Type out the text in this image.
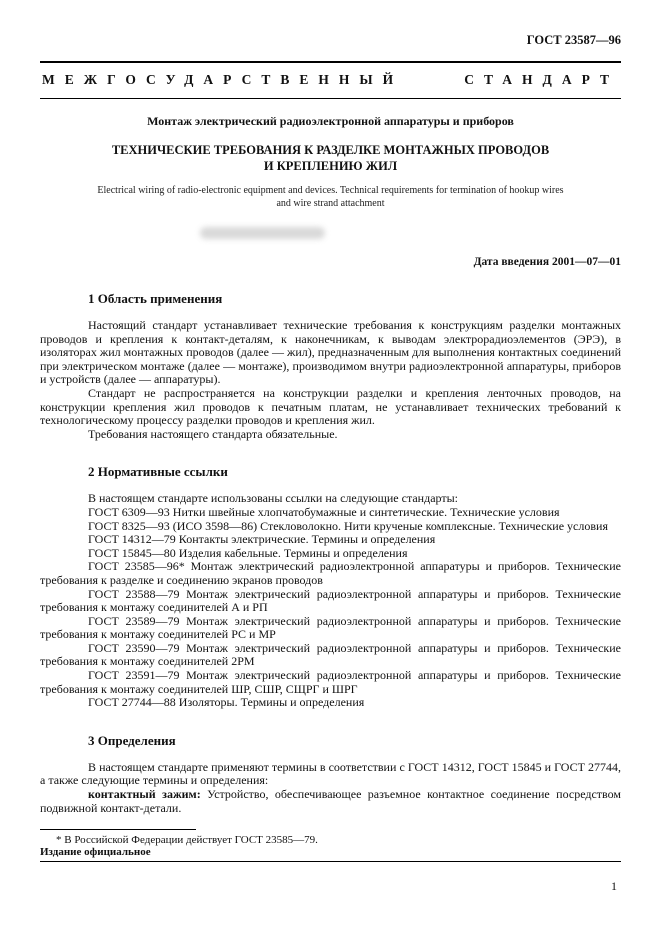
ГОСТ 23587—96
МЕЖГОСУДАРСТВЕННЫЙ	СТАНДАРТ
Монтаж электрический радиоэлектронной аппаратуры и приборов
ТЕХНИЧЕСКИЕ ТРЕБОВАНИЯ К РАЗДЕЛКЕ МОНТАЖНЫХ ПРОВОДОВ
И КРЕПЛЕНИЮ ЖИЛ
Electrical wiring of radio-electronic equipment and devices. Technical requirements for termination of hookup wires
and wire strand attachment
Дата введения 2001—07—01
1 Область применения

Настоящий стандарт устанавливает технические требования к конструкциям разделки монтажных проводов и крепления к контакт-деталям, к наконечникам, к выводам электрорадиоэлементов (ЭРЭ), в изоляторах жил монтажных проводов (далее — жил), предназначенным для выполнения контактных соединений при электрическом монтаже (далее — монтаже), производимом внутри радиоэлектронной аппаратуры, приборов и устройств (далее — аппаратуры).

Стандарт не распространяется на конструкции разделки и крепления ленточных проводов, на конструкции крепления жил проводов к печатным платам, не устанавливает технических требований к технологическому процессу разделки проводов и крепления жил.

Требования настоящего стандарта обязательные.

2 Нормативные ссылки

В настоящем стандарте использованы ссылки на следующие стандарты:

ГОСТ 6309—93 Нитки швейные хлопчатобумажные и синтетические. Технические условия

ГОСТ 8325—93 (ИСО 3598—86) Стекловолокно. Нити крученые комплексные. Технические условия

ГОСТ 14312—79 Контакты электрические. Термины и определения

ГОСТ 15845—80 Изделия кабельные. Термины и определения

ГОСТ 23585—96* Монтаж электрический радиоэлектронной аппаратуры и приборов. Технические требования к разделке и соединению экранов проводов

ГОСТ 23588—79 Монтаж электрический радиоэлектронной аппаратуры и приборов. Технические требования к монтажу соединителей А и РП

ГОСТ 23589—79 Монтаж электрический радиоэлектронной аппаратуры и приборов. Технические требования к монтажу соединителей РС и МР

ГОСТ 23590—79 Монтаж электрический радиоэлектронной аппаратуры и приборов. Технические требования к монтажу соединителей 2РМ

ГОСТ 23591—79 Монтаж электрический радиоэлектронной аппаратуры и приборов. Технические требования к монтажу соединителей ШР, СШР, СЩРГ и ШРГ

ГОСТ 27744—88 Изоляторы. Термины и определения

3 Определения

В настоящем стандарте применяют термины в соответствии с ГОСТ 14312, ГОСТ 15845 и ГОСТ 27744, а также следующие термины и определения:

контактный зажим: Устройство, обеспечивающее разъемное контактное соединение посредством подвижной контакт-детали.

* В Российской Федерации действует ГОСТ 23585—79.

Издание официальное

1
